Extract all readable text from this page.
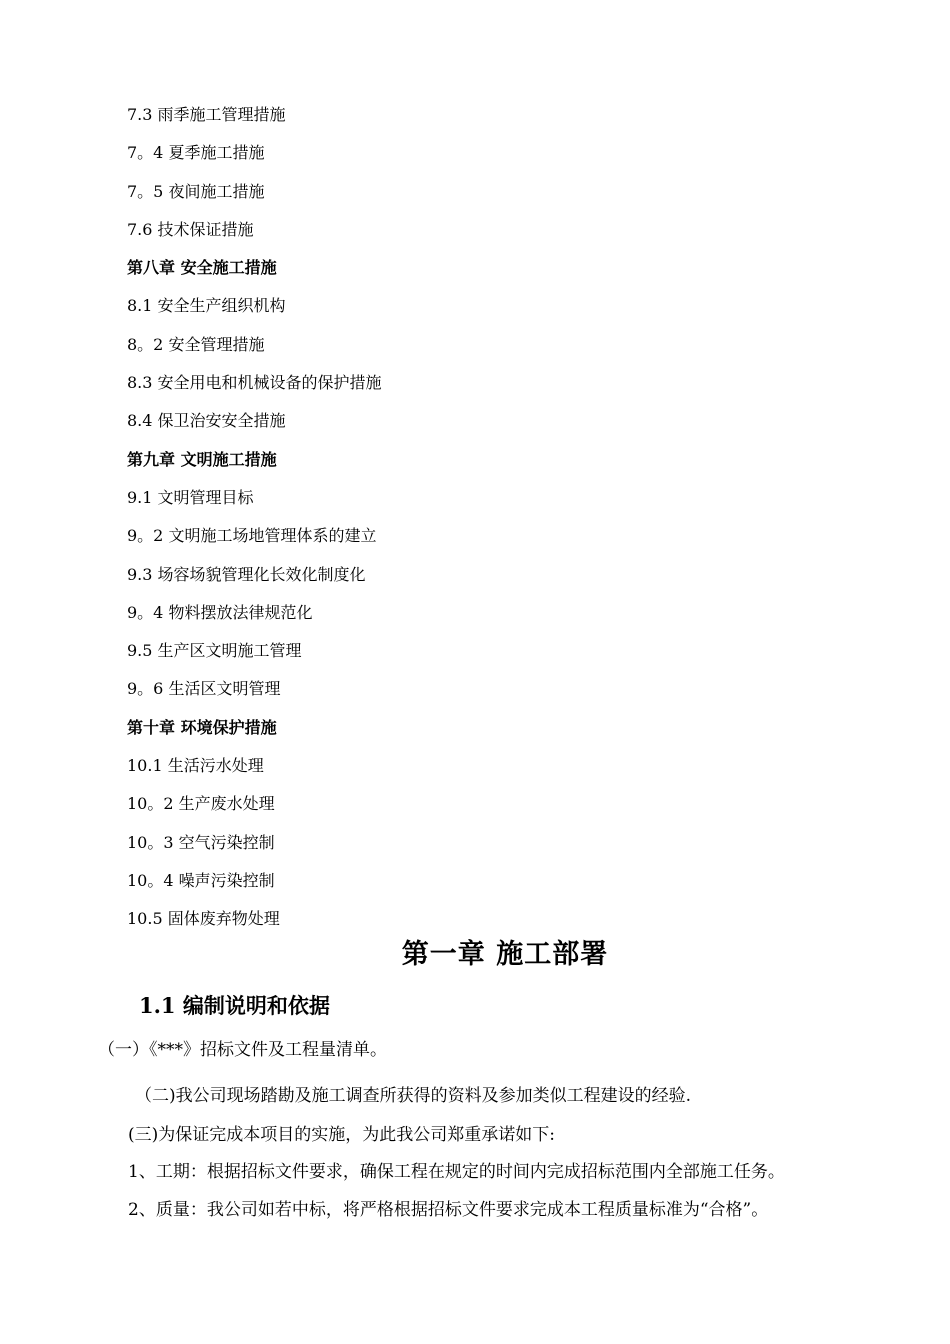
7.3 雨季施工管理措施
7。4 夏季施工措施
7。5 夜间施工措施
7.6 技术保证措施
第八章 安全施工措施
8.1 安全生产组织机构
8。2 安全管理措施
8.3 安全用电和机械设备的保护措施
8.4 保卫治安安全措施
第九章 文明施工措施
9.1 文明管理目标
9。2 文明施工场地管理体系的建立
9.3 场容场貌管理化长效化制度化
9。4 物料摆放法律规范化
9.5 生产区文明施工管理
9。6 生活区文明管理
第十章 环境保护措施
10.1 生活污水处理
10。2 生产废水处理
10。3 空气污染控制
10。4 噪声污染控制
10.5 固体废弃物处理
第一章 施工部署
1.1 编制说明和依据
（一）《***》招标文件及工程量清单。
（二)我公司现场踏勘及施工调查所获得的资料及参加类似工程建设的经验.
(三)为保证完成本项目的实施，为此我公司郑重承诺如下:
1、工期：根据招标文件要求，确保工程在规定的时间内完成招标范围内全部施工任务。
2、质量：我公司如若中标，将严格根据招标文件要求完成本工程质量标准为“合格”。
